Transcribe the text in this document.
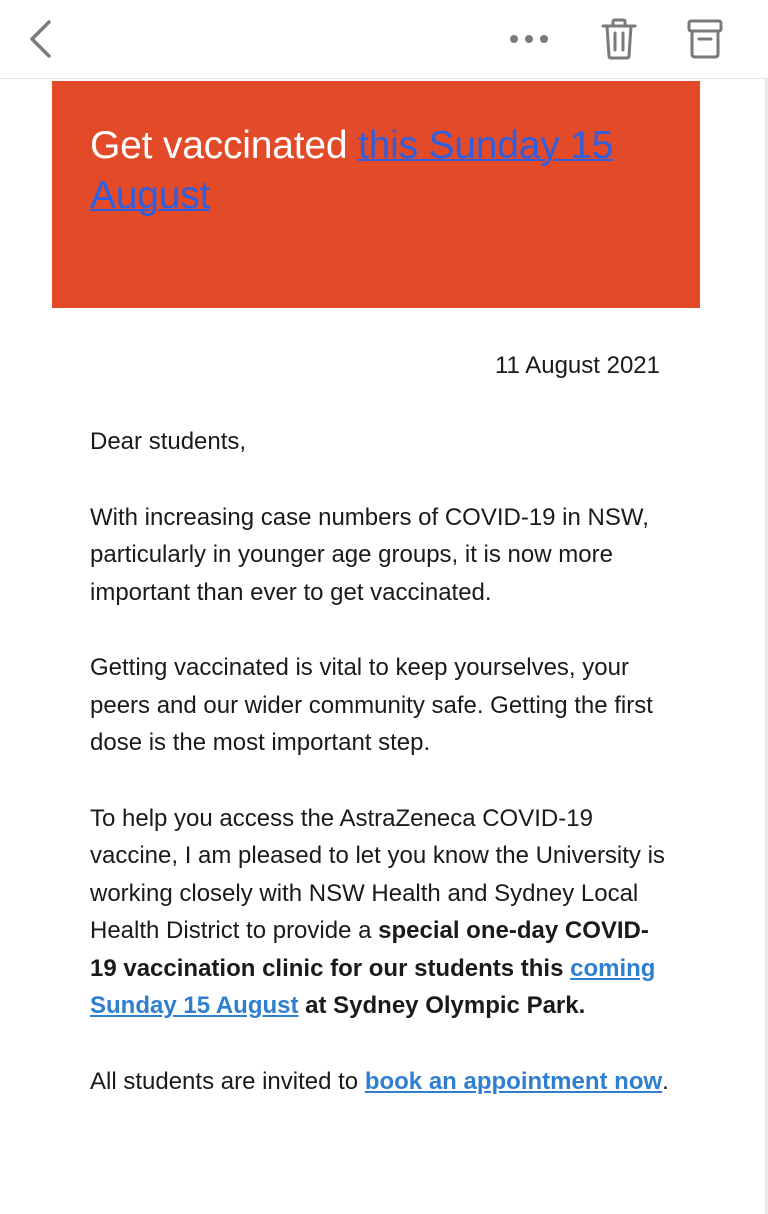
Get vaccinated this Sunday 15 August

11 August 2021

Dear students,

With increasing case numbers of COVID-19 in NSW, particularly in younger age groups, it is now more important than ever to get vaccinated.

Getting vaccinated is vital to keep yourselves, your peers and our wider community safe. Getting the first dose is the most important step.

To help you access the AstraZeneca COVID-19 vaccine, I am pleased to let you know the University is working closely with NSW Health and Sydney Local Health District to provide a special one-day COVID-19 vaccination clinic for our students this coming Sunday 15 August at Sydney Olympic Park.

All students are invited to book an appointment now.
